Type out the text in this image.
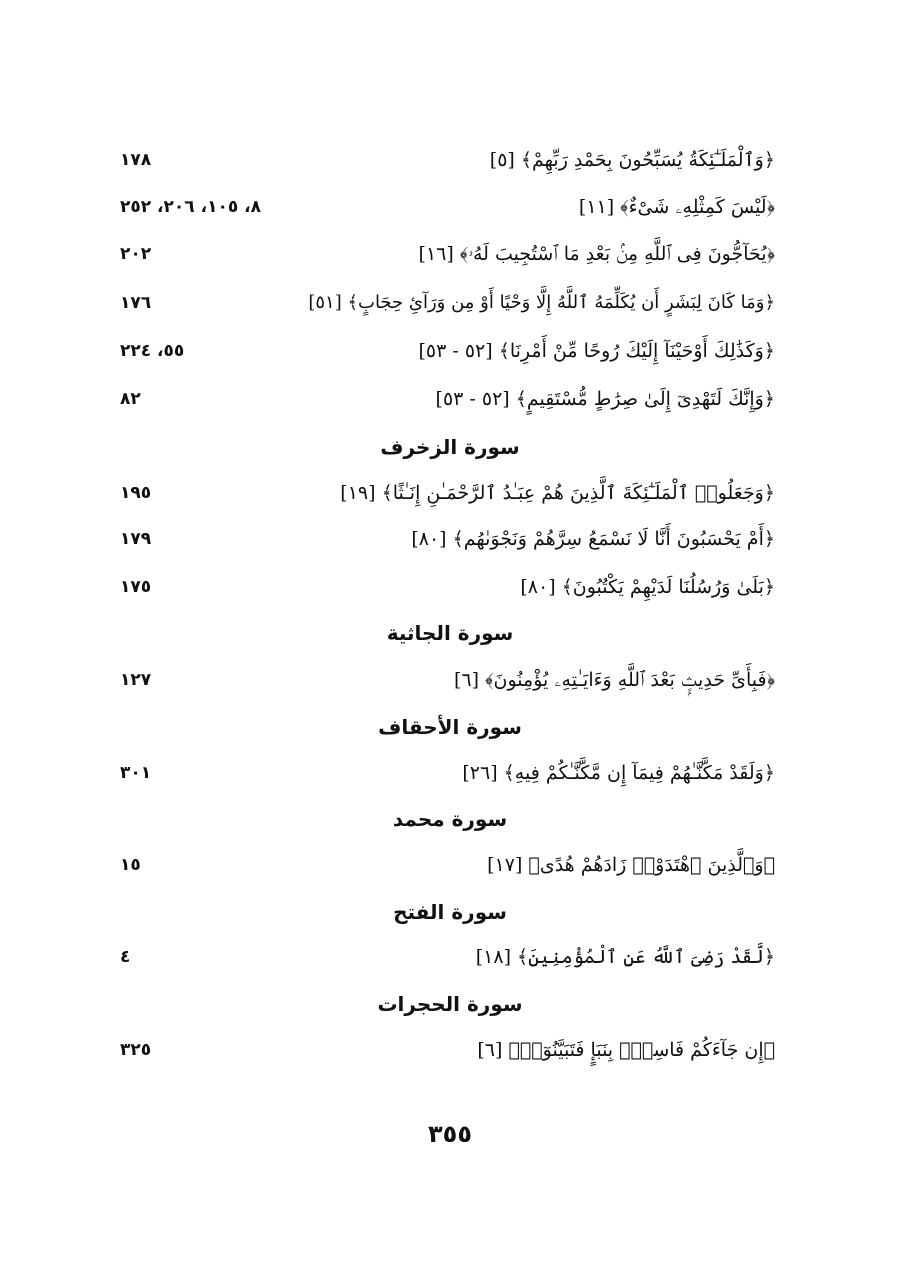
﴿وَٱلْمَلَـٰٓئِكَةُ يُسَبِّحُونَ بِحَمْدِ رَبِّهِمْ﴾ [٥]
١٧٨
﴿لَيْسَ كَمِثْلِهِۦ شَىْءٌ﴾ [١١]
٨، ١٠٥، ٢٠٦، ٢٥٢
﴿يُحَآجُّونَ فِى ٱللَّهِ مِنۢ بَعْدِ مَا ٱسْتُجِيبَ لَهُۥ﴾ [١٦]
٢٠٢
﴿وَمَا كَانَ لِبَشَرٍ أَن يُكَلِّمَهُ ٱللَّهُ إِلَّا وَحْيًا أَوْ مِن وَرَآئِ حِجَابٍ﴾ [٥١]
١٧٦
﴿وَكَذَٰلِكَ أَوْحَيْنَآ إِلَيْكَ رُوحًا مِّنْ أَمْرِنَا﴾ [٥٢ - ٥٣]
٥٥، ٢٢٤
﴿وَإِنَّكَ لَتَهْدِىٓ إِلَىٰ صِرَٰطٍ مُّسْتَقِيمٍ﴾ [٥٢ - ٥٣]
٨٢
سورة الزخرف
﴿وَجَعَلُوا۟ ٱلْمَلَـٰٓئِكَةَ ٱلَّذِينَ هُمْ عِبَـٰدُ ٱلرَّحْمَـٰنِ إِنَـٰثًا﴾ [١٩]
١٩٥
﴿أَمْ يَحْسَبُونَ أَنَّا لَا نَسْمَعُ سِرَّهُمْ وَنَجْوَىٰهُم﴾ [٨٠]
١٧٩
﴿بَلَىٰ وَرُسُلُنَا لَدَيْهِمْ يَكْتُبُونَ﴾ [٨٠]
١٧٥
سورة الجاثية
﴿فَبِأَىِّ حَدِيثٍۭ بَعْدَ ٱللَّهِ وَءَايَـٰتِهِۦ يُؤْمِنُونَ﴾ [٦]
١٢٧
سورة الأحقاف
﴿وَلَقَدْ مَكَّنَّـٰهُمْ فِيمَآ إِن مَّكَّنَّـٰكُمْ فِيهِ﴾ [٢٦]
٣٠١
سورة محمد
﴿وَٱلَّذِينَ ٱهْتَدَوْا۟ زَادَهُمْ هُدًى﴾ [١٧]
١٥
سورة الفتح
﴿لَّقَدْ رَضِىَ ٱللَّهُ عَنِ ٱلْمُؤْمِنِينَ﴾ [١٨]
٤
سورة الحجرات
﴿إِن جَآءَكُمْ فَاسِقٌۢ بِنَبَإٍ فَتَبَيَّنُوٓا۟﴾ [٦]
٣٢٥
٣٥٥
